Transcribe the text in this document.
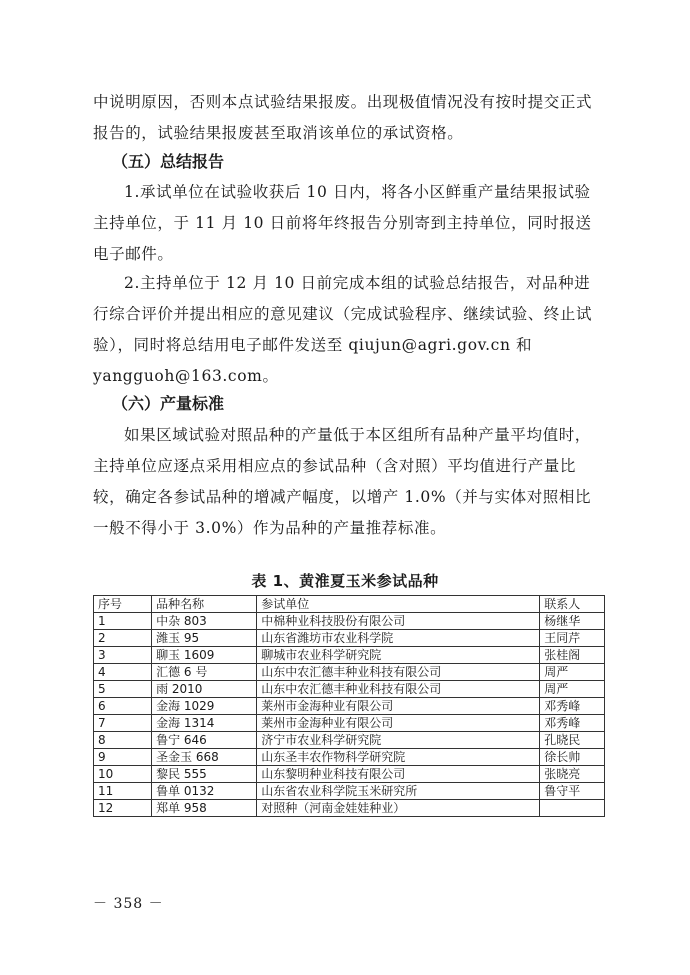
中说明原因，否则本点试验结果报废。出现极值情况没有按时提交正式
报告的，试验结果报废甚至取消该单位的承试资格。
（五）总结报告
1.承试单位在试验收获后 10 日内，将各小区鲜重产量结果报试验
主持单位，于 11 月 10 日前将年终报告分别寄到主持单位，同时报送
电子邮件。
2.主持单位于 12 月 10 日前完成本组的试验总结报告，对品种进
行综合评价并提出相应的意见建议（完成试验程序、继续试验、终止试
验），同时将总结用电子邮件发送至 qiujun@agri.gov.cn 和
yangguoh@163.com。
（六）产量标准
如果区域试验对照品种的产量低于本区组所有品种产量平均值时，
主持单位应逐点采用相应点的参试品种（含对照）平均值进行产量比
较，确定各参试品种的增减产幅度，以增产 1.0%（并与实体对照相比
一般不得小于 3.0%）作为品种的产量推荐标准。
表 1、黄淮夏玉米参试品种
序号	品种名称	参试单位	联系人
1	中杂 803	中棉种业科技股份有限公司	杨继华
2	潍玉 95	山东省潍坊市农业科学院	王同芹
3	聊玉 1609	聊城市农业科学研究院	张桂阁
4	汇德 6 号	山东中农汇德丰种业科技有限公司	周严
5	雨 2010	山东中农汇德丰种业科技有限公司	周严
6	金海 1029	莱州市金海种业有限公司	邓秀峰
7	金海 1314	莱州市金海种业有限公司	邓秀峰
8	鲁宁 646	济宁市农业科学研究院	孔晓民
9	圣金玉 668	山东圣丰农作物科学研究院	徐长帅
10	黎民 555	山东黎明种业科技有限公司	张晓亮
11	鲁单 0132	山东省农业科学院玉米研究所	鲁守平
12	郑单 958	对照种（河南金娃娃种业）	
－ 358 －
